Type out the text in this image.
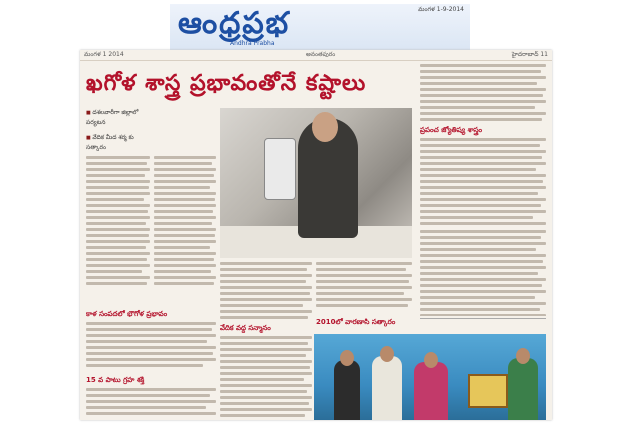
ఆంధ్రప్రభ
Andhra Prabha
మంగళ 1-9-2014
మంగళ 1 2014	అనంతపురం	హైదరాబాద్ 11
ఖగోళ శాస్త్ర ప్రభావంతోనే కష్టాలు
■ దశలవారీగా జిల్లాలో పర్యటన
■ వేదిక మీద శర్మ కు సత్కారం
ప్రపంచ జ్యోతిష్య శాస్త్రం
2010లో వారణాసి సత్కారం
వేదిక వద్ద సన్మానం
కాళ సంపదలో భౌగోళ ప్రభావం
15 వ పాటు గ్రహ శక్తి
